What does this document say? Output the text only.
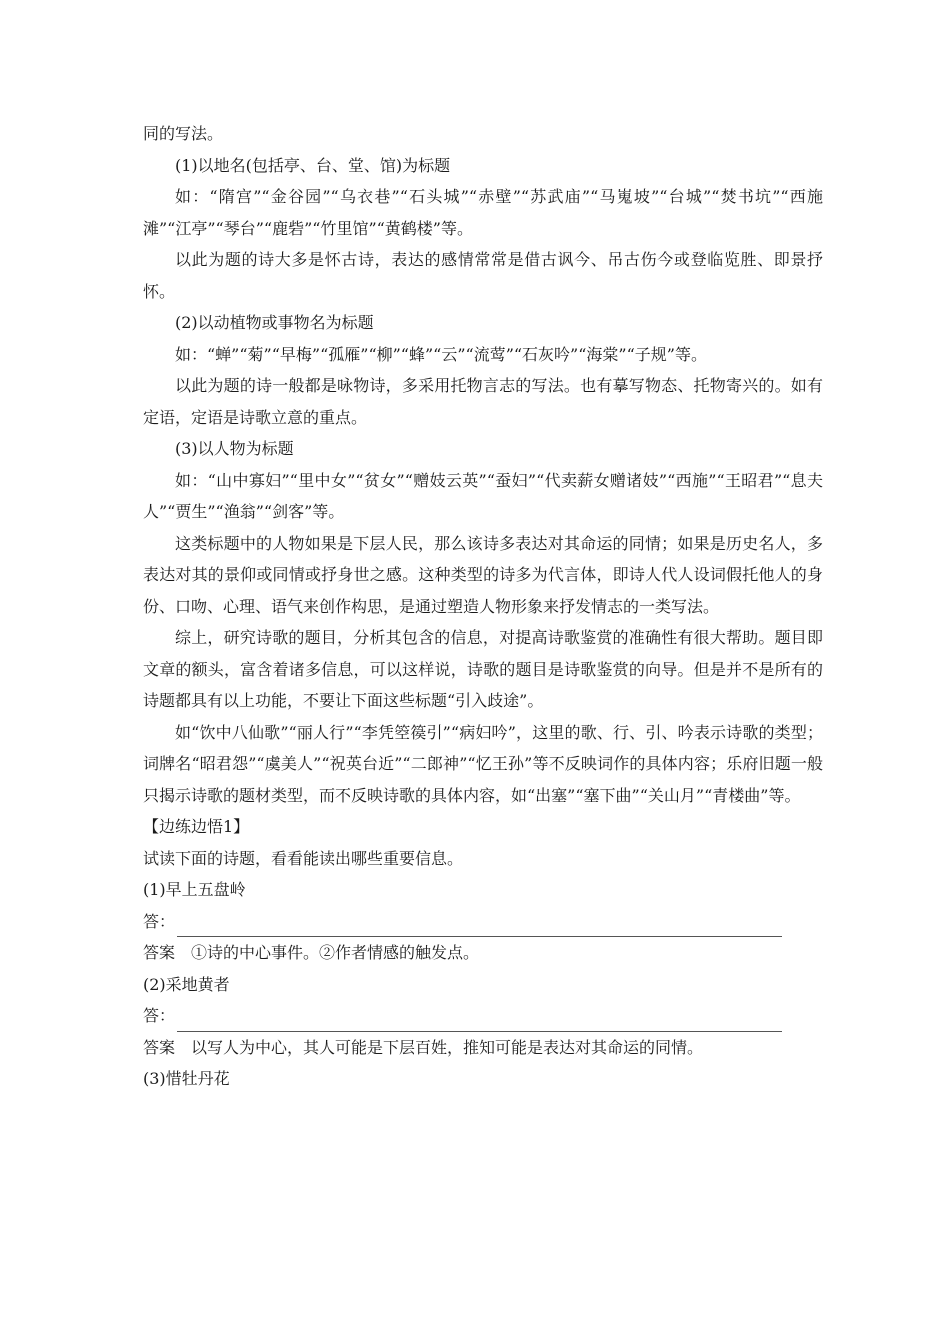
同的写法。

(1)以地名(包括亭、台、堂、馆)为标题

如：“隋宫”“金谷园”“乌衣巷”“石头城”“赤壁”“苏武庙”“马嵬坡”“台城”“焚书坑”“西施滩”“江亭”“琴台”“鹿砦”“竹里馆”“黄鹤楼”等。

以此为题的诗大多是怀古诗，表达的感情常常是借古讽今、吊古伤今或登临览胜、即景抒怀。

(2)以动植物或事物名为标题

如：“蝉”“菊”“早梅”“孤雁”“柳”“蜂”“云”“流莺”“石灰吟”“海棠”“子规”等。

以此为题的诗一般都是咏物诗，多采用托物言志的写法。也有摹写物态、托物寄兴的。如有定语，定语是诗歌立意的重点。

(3)以人物为标题

如：“山中寡妇”“里中女”“贫女”“赠妓云英”“蚕妇”“代卖薪女赠诸妓”“西施”“王昭君”“息夫人”“贾生”“渔翁”“剑客”等。

这类标题中的人物如果是下层人民，那么该诗多表达对其命运的同情；如果是历史名人，多表达对其的景仰或同情或抒身世之感。这种类型的诗多为代言体，即诗人代人设词假托他人的身份、口吻、心理、语气来创作构思，是通过塑造人物形象来抒发情志的一类写法。

综上，研究诗歌的题目，分析其包含的信息，对提高诗歌鉴赏的准确性有很大帮助。题目即文章的额头，富含着诸多信息，可以这样说，诗歌的题目是诗歌鉴赏的向导。但是并不是所有的诗题都具有以上功能，不要让下面这些标题“引入歧途”。

如“饮中八仙歌”“丽人行”“李凭箜篌引”“病妇吟”，这里的歌、行、引、吟表示诗歌的类型；词牌名“昭君怨”“虞美人”“祝英台近”“二郎神”“忆王孙”等不反映词作的具体内容；乐府旧题一般只揭示诗歌的题材类型，而不反映诗歌的具体内容，如“出塞”“塞下曲”“关山月”“青楼曲”等。

【边练边悟1】

试读下面的诗题，看看能读出哪些重要信息。

(1)早上五盘岭

答：

答案　①诗的中心事件。②作者情感的触发点。

(2)采地黄者

答：

答案　以写人为中心，其人可能是下层百姓，推知可能是表达对其命运的同情。

(3)惜牡丹花
